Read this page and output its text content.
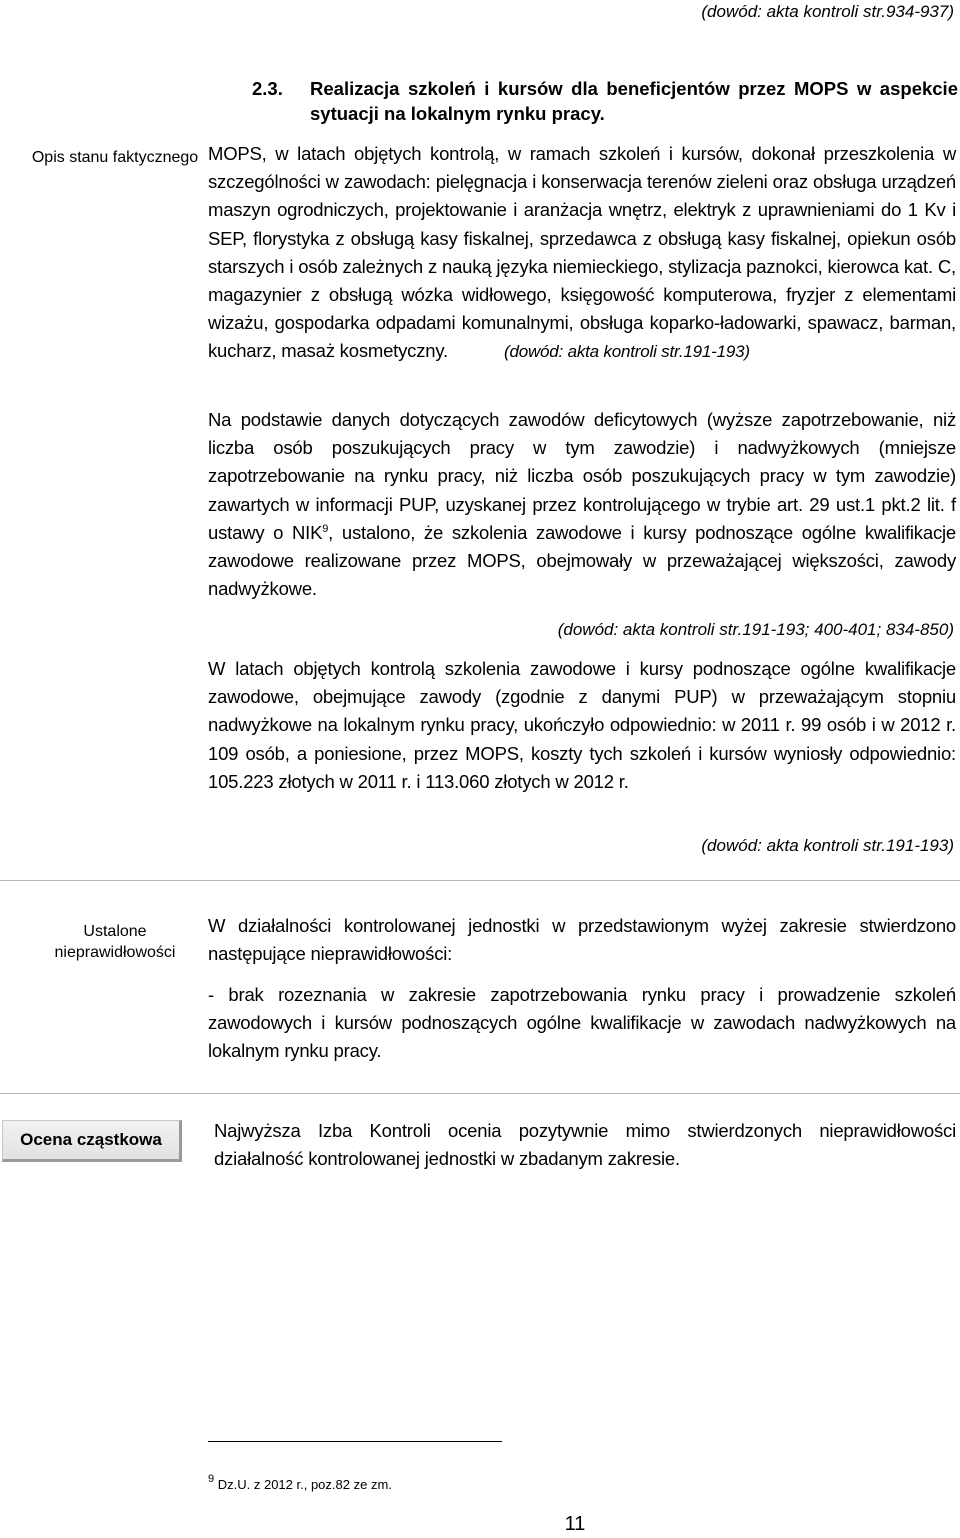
(dowód: akta kontroli str.934-937)
2.3. Realizacja szkoleń i kursów dla beneficjentów przez MOPS w aspekcie sytuacji na lokalnym rynku pracy.
Opis stanu faktycznego MOPS, w latach objętych kontrolą, w ramach szkoleń i kursów, dokonał przeszkolenia w szczególności w zawodach: pielęgnacja i konserwacja terenów zieleni oraz obsługa urządzeń maszyn ogrodniczych, projektowanie i aranżacja wnętrz, elektryk z uprawnieniami do 1 Kv i SEP, florystyka z obsługą kasy fiskalnej, sprzedawca z obsługą kasy fiskalnej, opiekun osób starszych i osób zależnych z nauką języka niemieckiego, stylizacja paznokci, kierowca kat. C, magazynier z obsługą wózka widłowego, księgowość komputerowa, fryzjer z elementami wizażu, gospodarka odpadami komunalnymi, obsługa koparko-ładowarki, spawacz, barman, kucharz, masaż kosmetyczny.	(dowód: akta kontroli str.191-193)

Na podstawie danych dotyczących zawodów deficytowych (wyższe zapotrzebowanie, niż liczba osób poszukujących pracy w tym zawodzie) i nadwyżkowych (mniejsze zapotrzebowanie na rynku pracy, niż liczba osób poszukujących pracy w tym zawodzie) zawartych w informacji PUP, uzyskanej przez kontrolującego w trybie art. 29 ust.1 pkt.2 lit. f ustawy o NIK$^9$, ustalono, że szkolenia zawodowe i kursy podnoszące ogólne kwalifikacje zawodowe realizowane przez MOPS, obejmowały w przeważającej większości, zawody nadwyżkowe.

(dowód: akta kontroli str.191-193; 400-401; 834-850)

W latach objętych kontrolą szkolenia zawodowe i kursy podnoszące ogólne kwalifikacje zawodowe, obejmujące zawody (zgodnie z danymi PUP) w przeważającym stopniu nadwyżkowe na lokalnym rynku pracy, ukończyło odpowiednio: w 2011 r. 99 osób i w 2012 r. 109 osób, a poniesione, przez MOPS, koszty tych szkoleń i kursów wyniosły odpowiednio: 105.223 złotych w 2011 r. i 113.060 złotych w 2012 r.

(dowód: akta kontroli str.191-193)
Ustalone nieprawidłowości

W działalności kontrolowanej jednostki w przedstawionym wyżej zakresie stwierdzono następujące nieprawidłowości:

- brak rozeznania w zakresie zapotrzebowania rynku pracy i prowadzenie szkoleń zawodowych i kursów podnoszących ogólne kwalifikacje w zawodach nadwyżkowych na lokalnym rynku pracy.

Ocena cząstkowa	Najwyższa Izba Kontroli ocenia pozytywnie mimo stwierdzonych nieprawidłowości działalność kontrolowanej jednostki w zbadanym zakresie.

$^9$ Dz.U. z 2012 r., poz.82 ze zm.
11
